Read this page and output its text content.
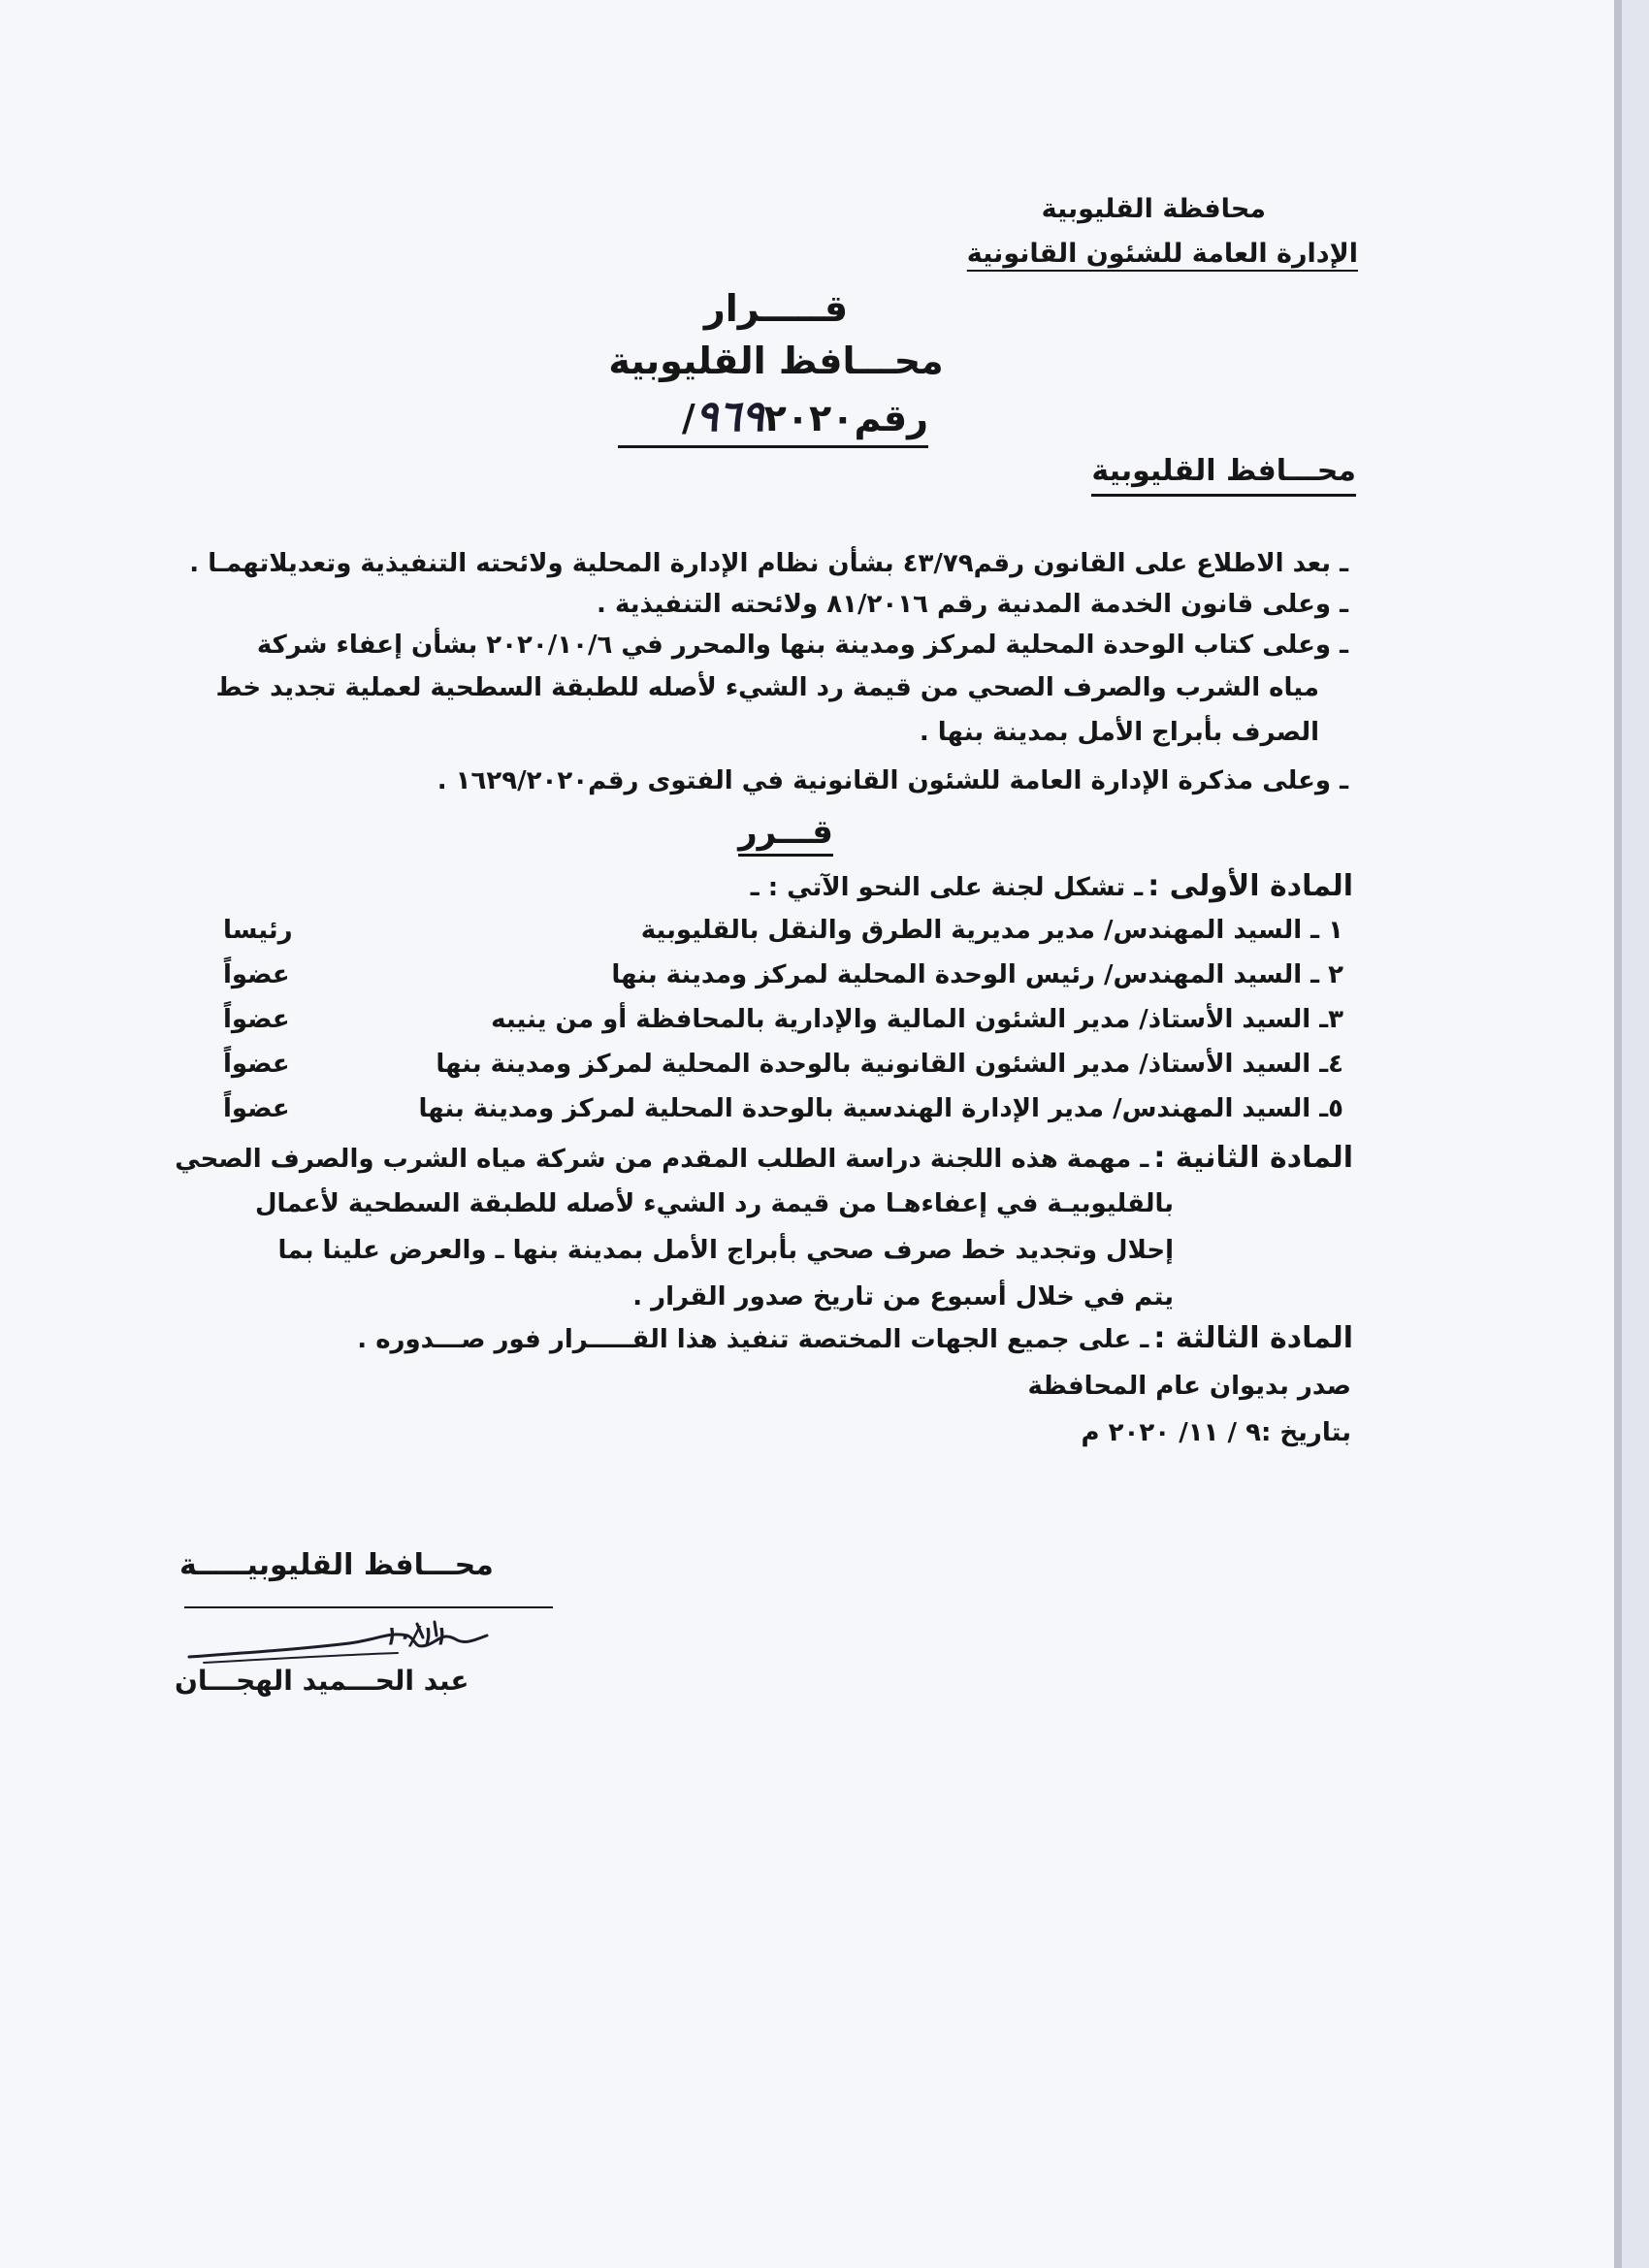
محافظة القليوبية
الإدارة العامة للشئون القانونية
قـــــرار
محـــافظ القليوبية
رقم٩٦٩٢٠٢٠/
محـــافظ القليوبية
ـ بعد الاطلاع على القانون رقم٤٣/٧٩ بشأن نظام الإدارة المحلية ولائحته التنفيذية وتعديلاتهمـا .
ـ وعلى قانون الخدمة المدنية رقم ٨١/٢٠١٦ ولائحته التنفيذية .
ـ وعلى كتاب الوحدة المحلية لمركز ومدينة بنها والمحرر في ٢٠٢٠/١٠/٦ بشأن إعفاء شركة
مياه الشرب والصرف الصحي من قيمة رد الشيء لأصله للطبقة السطحية لعملية تجديد خط
الصرف بأبراج الأمل بمدينة بنها .
ـ وعلى مذكرة الإدارة العامة للشئون القانونية في الفتوى رقم١٦٢٩/٢٠٢٠ .
قـــرر
المادة الأولى : ـ تشكل لجنة على النحو الآتي : ـ
١ ـ السيد المهندس/ مدير مديرية الطرق والنقل بالقليوبية
رئيسا
٢ ـ السيد المهندس/ رئيس الوحدة المحلية لمركز ومدينة بنها
عضواً
٣ـ السيد الأستاذ/ مدير الشئون المالية والإدارية بالمحافظة أو من ينيبه
عضواً
٤ـ السيد الأستاذ/ مدير الشئون القانونية بالوحدة المحلية لمركز ومدينة بنها
عضواً
٥ـ السيد المهندس/ مدير الإدارة الهندسية بالوحدة المحلية لمركز ومدينة بنها
عضواً
المادة الثانية : ـ مهمة هذه اللجنة دراسة الطلب المقدم من شركة مياه الشرب والصرف الصحي
بالقليوبيـة في إعفاءهـا من قيمة رد الشيء لأصله للطبقة السطحية لأعمال
إحلال وتجديد خط صرف صحي بأبراج الأمل بمدينة بنها ـ والعرض علينا بما
يتم في خلال أسبوع من تاريخ صدور القرار .
المادة الثالثة : ـ على جميع الجهات المختصة تنفيذ هذا القـــــرار فور صـــدوره .
صدر بديوان عام المحافظة
بتاريخ :٩ / ١١/ ٢٠٢٠ م
محـــافظ القليوبيـــــة
١٠/١١
عبد الحـــميد الهجـــان
